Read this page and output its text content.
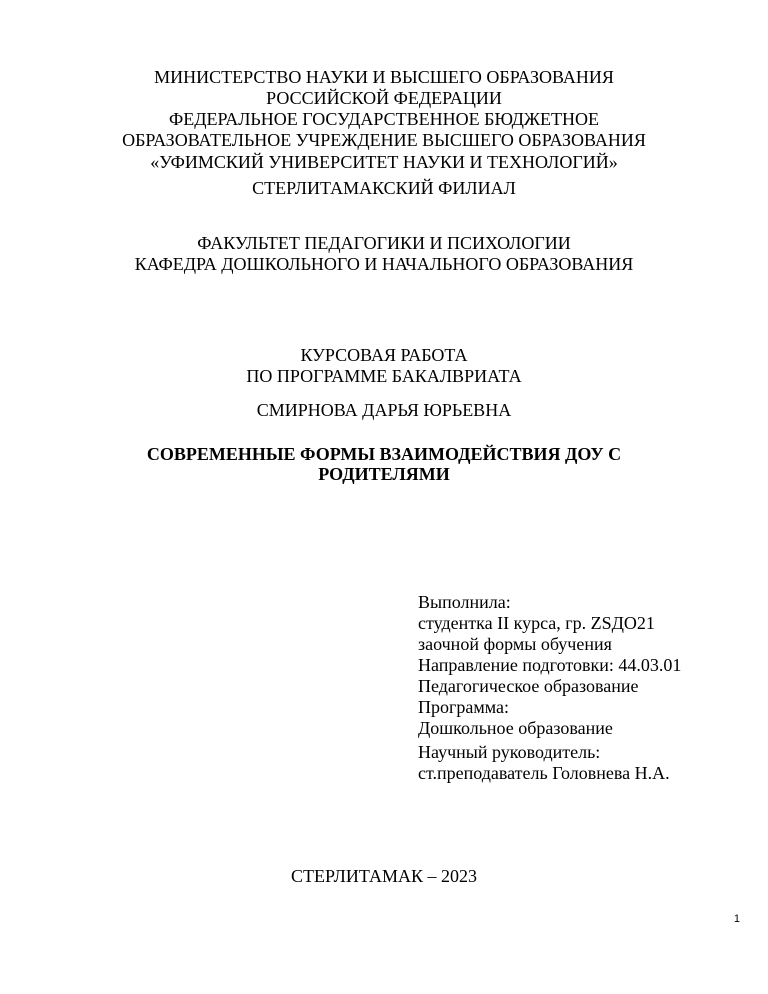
МИНИСТЕРСТВО НАУКИ И ВЫСШЕГО ОБРАЗОВАНИЯ
РОССИЙСКОЙ ФЕДЕРАЦИИ
ФЕДЕРАЛЬНОЕ ГОСУДАРСТВЕННОЕ БЮДЖЕТНОЕ
ОБРАЗОВАТЕЛЬНОЕ УЧРЕЖДЕНИЕ ВЫСШЕГО ОБРАЗОВАНИЯ
«УФИМСКИЙ УНИВЕРСИТЕТ НАУКИ И ТЕХНОЛОГИЙ»
СТЕРЛИТАМАКСКИЙ ФИЛИАЛ
ФАКУЛЬТЕТ ПЕДАГОГИКИ И ПСИХОЛОГИИ
КАФЕДРА ДОШКОЛЬНОГО И НАЧАЛЬНОГО ОБРАЗОВАНИЯ
КУРСОВАЯ РАБОТА
ПО ПРОГРАММЕ БАКАЛВРИАТА
СМИРНОВА ДАРЬЯ ЮРЬЕВНА
СОВРЕМЕННЫЕ ФОРМЫ ВЗАИМОДЕЙСТВИЯ ДОУ С
РОДИТЕЛЯМИ
Выполнила:
студентка II курса, гр. ZSДО21
заочной формы обучения
Направление подготовки: 44.03.01
Педагогическое образование
Программа:
Дошкольное образование
Научный руководитель:
ст.преподаватель Головнева Н.А.
СТЕРЛИТАМАК – 2023
1
